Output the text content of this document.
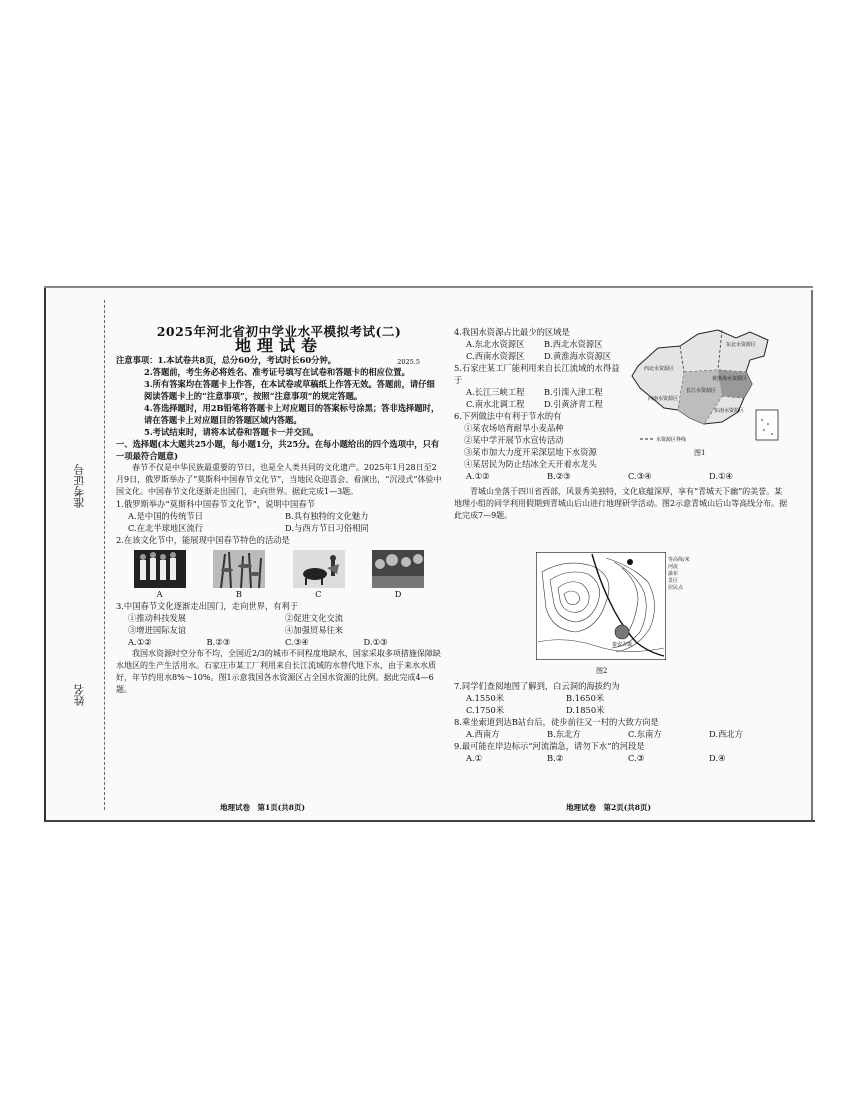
准考证号
姓名
2025年河北省初中学业水平模拟考试(二)
地理试卷
2025.5
注意事项：1.本试卷共8页，总分60分，考试时长60分钟。
2.答题前，考生务必将姓名、准考证号填写在试卷和答题卡的相应位置。
3.所有答案均在答题卡上作答，在本试卷或草稿纸上作答无效。答题前，请仔细阅读答题卡上的“注意事项”，按照“注意事项”的规定答题。
4.答选择题时，用2B铅笔将答题卡上对应题目的答案标号涂黑；答非选择题时，请在答题卡上对应题目的答题区域内答题。
5.考试结束时，请将本试卷和答题卡一并交回。
一、选择题(本大题共25小题，每小题1分，共25分。在每小题给出的四个选项中，只有一项最符合题意)
春节不仅是中华民族最重要的节日，也是全人类共同的文化遗产。2025年1月28日至2月9日，俄罗斯举办了“莫斯科中国春节文化节”，当地民众迎喜会、看演出，“沉浸式”体验中国文化。中国春节文化逐渐走出国门，走向世界。据此完成1—3题。
1.俄罗斯举办“莫斯科中国春节文化节”，说明中国春节
A.是中国的传统节日	B.具有独特的文化魅力
C.在北半球地区流行	D.与西方节日习俗相同
2.在该文化节中，能展现中国春节特色的活动是
A	B	C	D
3.中国春节文化逐渐走出国门，走向世界，有利于
①推动科技发展	②促进文化交流
③增进国际友谊	④加强贸易往来
A.①②	B.②③	C.③④	D.①③
我国水资源时空分布不均，全国近2/3的城市不同程度地缺水，国家采取多项措施保障缺水地区的生产生活用水。石家庄市某工厂利用来自长江流域的水替代地下水，由于来水水质好，年节约用水8%～10%。图1示意我国各水资源区占全国水资源的比例。据此完成4—6题。
地理试卷　第1页(共8页)
4.我国水资源占比最少的区域是
A.东北水资源区	B.西北水资源区
C.西南水资源区	D.黄淮海水资源区
5.石家庄某工厂能利用来自长江流域的水得益于
A.长江三峡工程	B.引滦入津工程
C.南水北调工程	D.引黄济青工程
6.下列做法中有利于节水的有
①某农场培育耐旱小麦品种
②某中学开展节水宣传活动
③某市加大力度开采深层地下水资源
④某居民为防止结冰全天开着水龙头
A.①②	B.②③	C.③④	D.①④
青城山坐落于四川省西部，风景秀美独特，文化底蕴深厚，享有“青城天下幽”的美誉。某地理小组的同学利用假期到青城山后山进行地理研学活动。图2示意青城山后山等高线分布。据此完成7—9题。
西北水资源区
东北水资源区
黄淮海水资源区
西南水资源区
东南水资源区
长江水资源区
水资源区界线
图1
泰安古镇
等高线/米
河流
瀑布
景区
居民点
图2
7.同学们查阅地图了解到，白云洞的海拔约为
A.1550米	B.1650米
C.1750米	D.1850米
8.乘坐索道到达B站台后，徒步前往又一村的大致方向是
A.西南方	B.东北方	C.东南方	D.西北方
9.最可能在岸边标示“河流湍急，请勿下水”的河段是
A.①	B.②	C.③	D.④
地理试卷　第2页(共8页)
